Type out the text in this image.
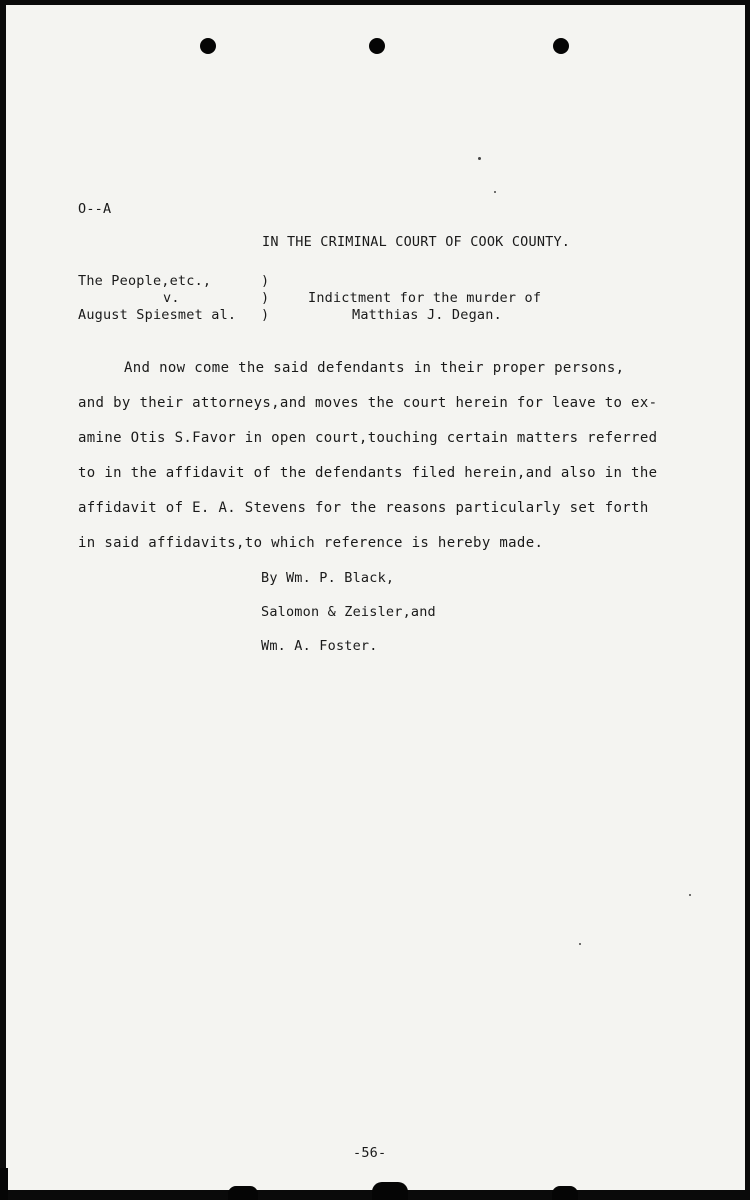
O--A
IN THE CRIMINAL COURT OF COOK COUNTY.
The People,etc.,
v.
August Spiesmet al.
)
)
)
Indictment for the murder of
Matthias J. Degan.
And now come the said defendants in their proper persons,
and by their attorneys,and moves the court herein for leave to ex-
amine Otis S.Favor in open court,touching certain matters referred
to in the affidavit of the defendants filed herein,and also in the
affidavit of E. A. Stevens for the reasons particularly set forth
in said affidavits,to which reference is hereby made.
By Wm. P. Black,
Salomon & Zeisler,and
Wm. A. Foster.
-56-
